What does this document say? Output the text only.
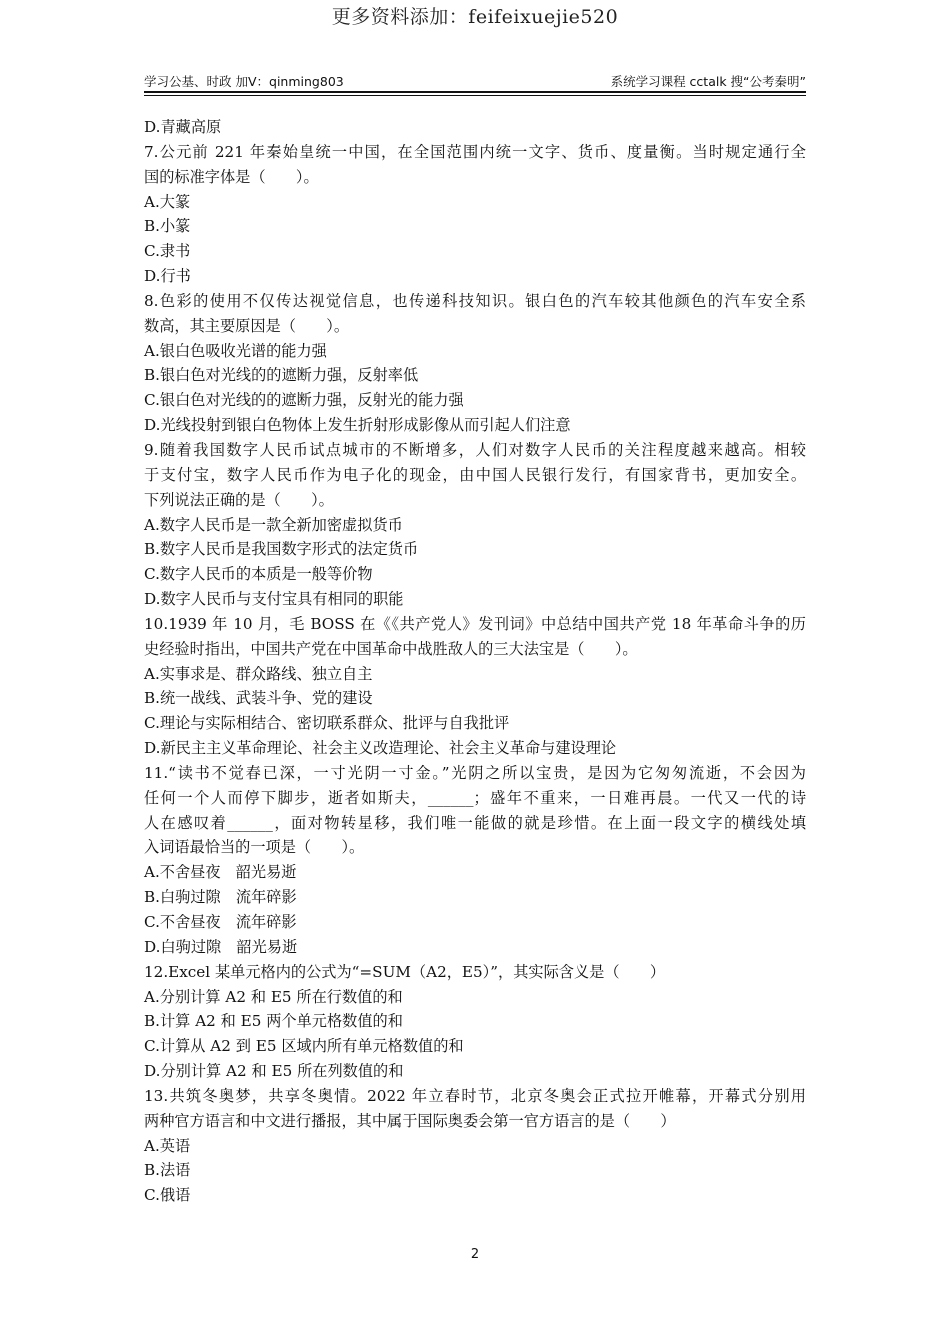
更多资料添加：feifeixuejie520
学习公基、时政 加V：qinming803	系统学习课程 cctalk 搜“公考秦明”
D.青藏高原
7.公元前 221 年秦始皇统一中国，在全国范围内统一文字、货币、度量衡。当时规定通行全
国的标准字体是（　　）。
A.大篆
B.小篆
C.隶书
D.行书
8.色彩的使用不仅传达视觉信息，也传递科技知识。银白色的汽车较其他颜色的汽车安全系
数高，其主要原因是（　　）。
A.银白色吸收光谱的能力强
B.银白色对光线的的遮断力强，反射率低
C.银白色对光线的的遮断力强，反射光的能力强
D.光线投射到银白色物体上发生折射形成影像从而引起人们注意
9.随着我国数字人民币试点城市的不断增多，人们对数字人民币的关注程度越来越高。相较
于支付宝，数字人民币作为电子化的现金，由中国人民银行发行，有国家背书，更加安全。
下列说法正确的是（　　）。
A.数字人民币是一款全新加密虚拟货币
B.数字人民币是我国数字形式的法定货币
C.数字人民币的本质是一般等价物
D.数字人民币与支付宝具有相同的职能
10.1939 年 10 月，毛 BOSS 在《《共产党人》发刊词》中总结中国共产党 18 年革命斗争的历
史经验时指出，中国共产党在中国革命中战胜敌人的三大法宝是（　　）。
A.实事求是、群众路线、独立自主
B.统一战线、武装斗争、党的建设
C.理论与实际相结合、密切联系群众、批评与自我批评
D.新民主主义革命理论、社会主义改造理论、社会主义革命与建设理论
11.“读书不觉春已深，一寸光阴一寸金。”光阴之所以宝贵，是因为它匆匆流逝，不会因为
任何一个人而停下脚步，逝者如斯夫，______；盛年不重来，一日难再晨。一代又一代的诗
人在感叹着______，面对物转星移，我们唯一能做的就是珍惜。在上面一段文字的横线处填
入词语最恰当的一项是（　　）。
A.不舍昼夜　韶光易逝
B.白驹过隙　流年碎影
C.不舍昼夜　流年碎影
D.白驹过隙　韶光易逝
12.Excel 某单元格内的公式为“=SUM（A2，E5）”，其实际含义是（　　）
A.分别计算 A2 和 E5 所在行数值的和
B.计算 A2 和 E5 两个单元格数值的和
C.计算从 A2 到 E5 区域内所有单元格数值的和
D.分别计算 A2 和 E5 所在列数值的和
13.共筑冬奥梦，共享冬奥情。2022 年立春时节，北京冬奥会正式拉开帷幕，开幕式分别用
两种官方语言和中文进行播报，其中属于国际奥委会第一官方语言的是（　　）
A.英语
B.法语
C.俄语
2
